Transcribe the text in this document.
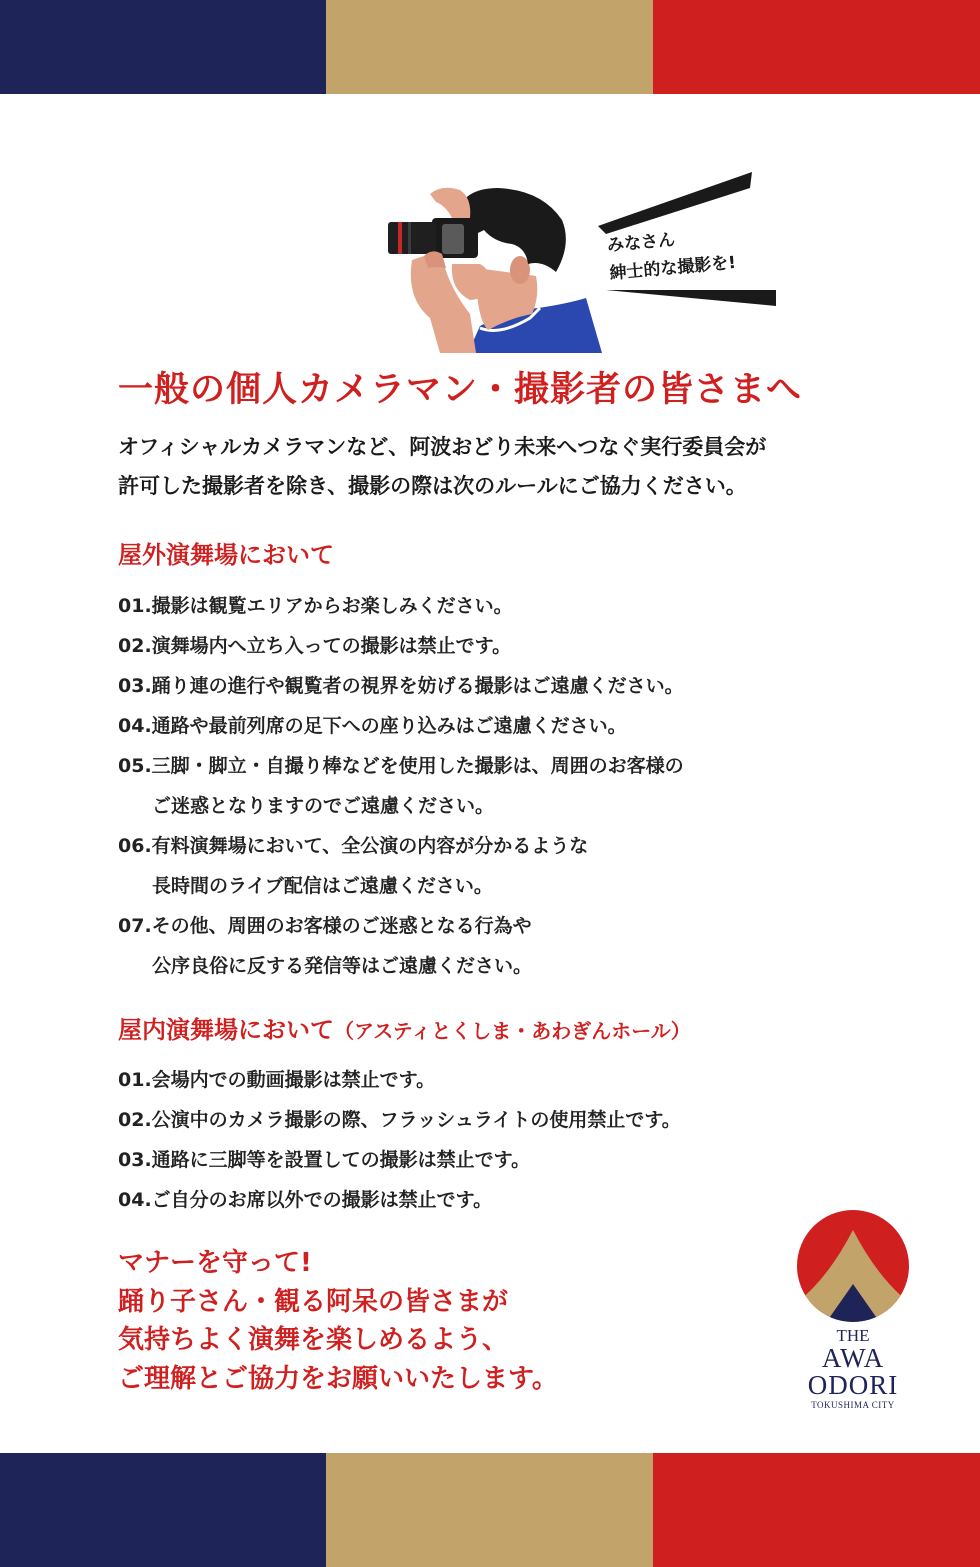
みなさん
紳士的な撮影を!
一般の個人カメラマン・撮影者の皆さまへ
オフィシャルカメラマンなど、阿波おどり未来へつなぐ実行委員会が
許可した撮影者を除き、撮影の際は次のルールにご協力ください。
屋外演舞場において
01.撮影は観覧エリアからお楽しみください。
02.演舞場内へ立ち入っての撮影は禁止です。
03.踊り連の進行や観覧者の視界を妨げる撮影はご遠慮ください。
04.通路や最前列席の足下への座り込みはご遠慮ください。
05.三脚・脚立・自撮り棒などを使用した撮影は、周囲のお客様の
ご迷惑となりますのでご遠慮ください。
06.有料演舞場において、全公演の内容が分かるような
長時間のライブ配信はご遠慮ください。
07.その他、周囲のお客様のご迷惑となる行為や
公序良俗に反する発信等はご遠慮ください。
屋内演舞場において（アスティとくしま・あわぎんホール）
01.会場内での動画撮影は禁止です。
02.公演中のカメラ撮影の際、フラッシュライトの使用禁止です。
03.通路に三脚等を設置しての撮影は禁止です。
04.ご自分のお席以外での撮影は禁止です。
マナーを守って!
踊り子さん・観る阿呆の皆さまが
気持ちよく演舞を楽しめるよう、
ご理解とご協力をお願いいたします。
THE
AWA
ODORI
TOKUSHIMA CITY
